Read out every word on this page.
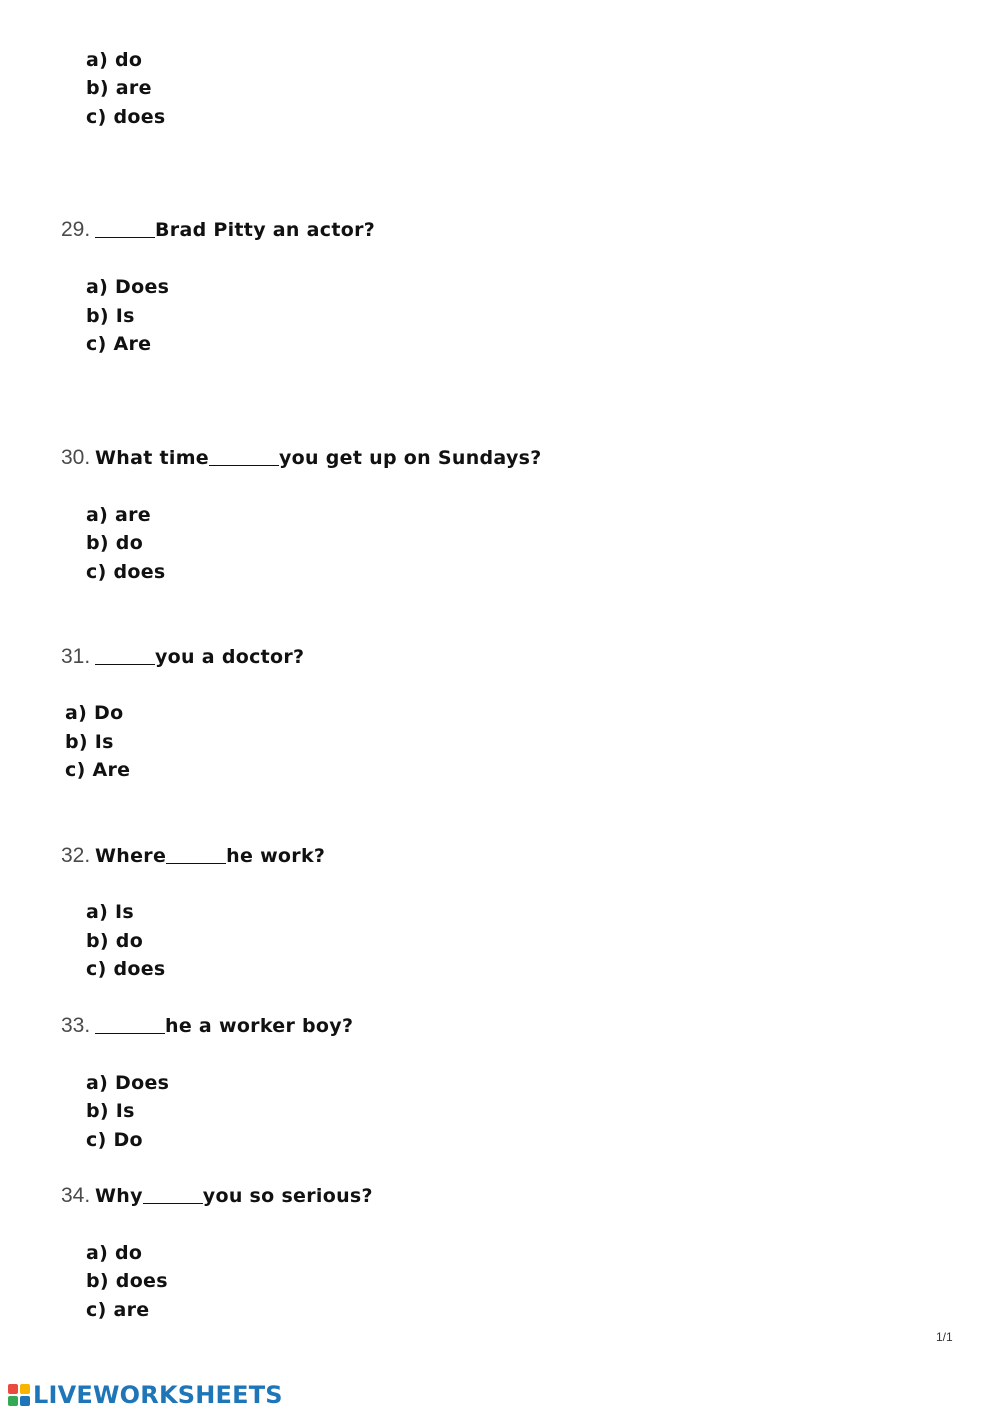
a) do
b) are
c) does
29.	Brad Pitty an actor?
a) Does
b) Is
c) Are
30. What time	you get up on Sundays?
a) are
b) do
c) does
31.	you a doctor?
a) Do
b) Is
c) Are
32. Where	he work?
a) Is
b) do
c) does
33.	he a worker boy?
a) Does
b) Is
c) Do
34. Why	you so serious?
a) do
b) does
c) are
1/1
LIVEWORKSHEETS
